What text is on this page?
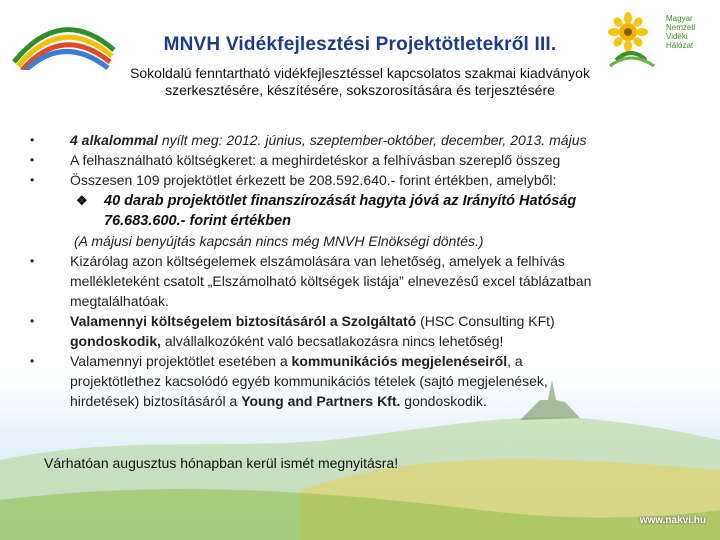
Magyar
Nemzeti
Vidéki
Hálózat
MNVH Vidékfejlesztési Projektötletekről III.
Sokoldalú fenntartható vidékfejlesztéssel kapcsolatos szakmai kiadványok
szerkesztésére, készítésére, sokszorosítására és terjesztésére
•	4 alkalommal nyílt meg: 2012. június, szeptember-október, december, 2013. május
•	A felhasználható költségkeret: a meghirdetéskor a felhívásban szereplő összeg
•	Összesen 109 projektötlet érkezett be 208.592.640.- forint értékben, amelyből:
❖ 40 darab projektötlet finanszírozását hagyta jóvá az Irányító Hatóság
76.683.600.- forint értékben
(A májusi benyújtás kapcsán nincs még MNVH Elnökségi döntés.)
•	Kizárólag azon költségelemek elszámolására van lehetőség, amelyek a felhívás
mellékleteként csatolt „Elszámolható költségek listája” elnevezésű excel táblázatban
megtalálhatóak.
•	Valamennyi költségelem biztosításáról a Szolgáltató (HSC Consulting KFt)
gondoskodik, alvállalkozóként való becsatlakozásra nincs lehetőség!
•	Valamennyi projektötlet esetében a kommunikációs megjelenéseiről, a
projektötlethez kacsolódó egyéb kommunikációs tételek (sajtó megjelenések,
hirdetések) biztosításáról a Young and Partners Kft. gondoskodik.
Várhatóan augusztus hónapban kerül ismét megnyitásra!
www.nakvi.hu
